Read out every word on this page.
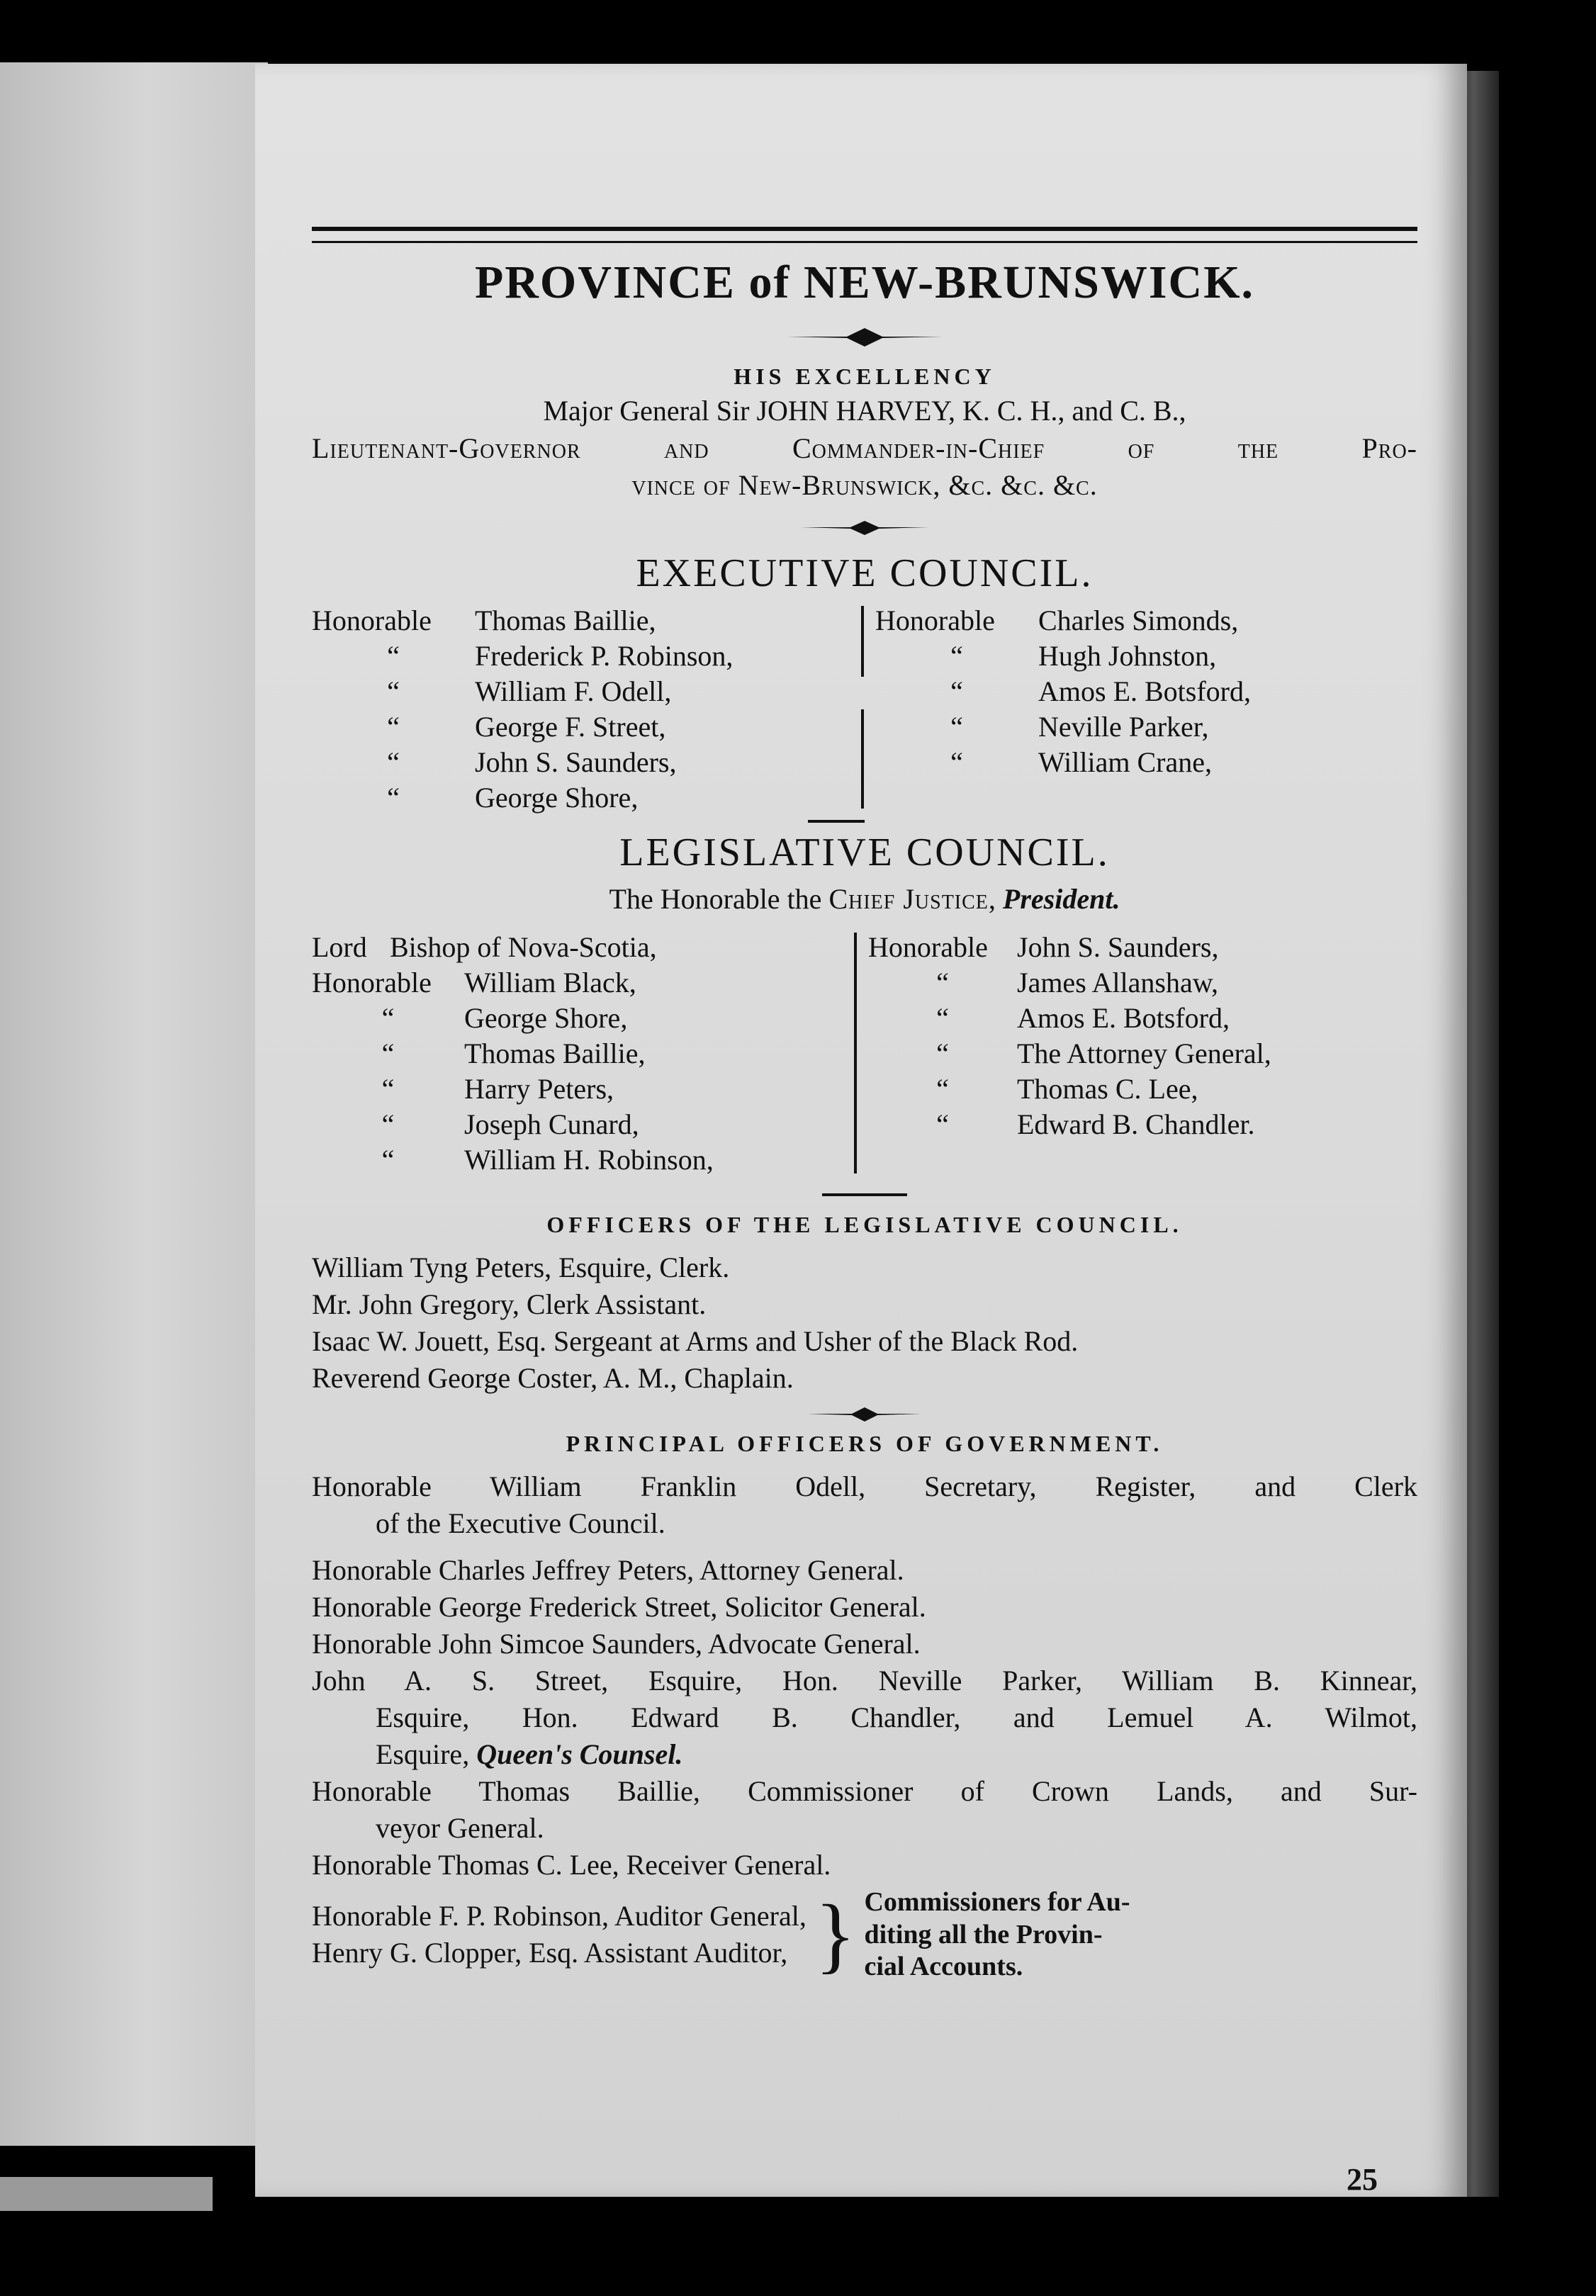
PROVINCE of NEW-BRUNSWICK.
HIS EXCELLENCY
Major General Sir JOHN HARVEY, K. C. H., and C. B.,

Lieutenant-Governor and Commander-in-Chief of the Pro-

vince of New-Brunswick, &c. &c. &c.

EXECUTIVE COUNCIL.
Honorable	Thomas Baillie,
“	Frederick P. Robinson,
“	William F. Odell,
“	George F. Street,
“	John S. Saunders,
“	George Shore,
Honorable	Charles Simonds,
“	Hugh Johnston,
“	Amos E. Botsford,
“	Neville Parker,
“	William Crane,
LEGISLATIVE COUNCIL.
The Honorable the Chief Justice, President.
Lord Bishop of Nova-Scotia,
Honorable	William Black,
“	George Shore,
“	Thomas Baillie,
“	Harry Peters,
“	Joseph Cunard,
“	William H. Robinson,
Honorable	John S. Saunders,
“	James Allanshaw,
“	Amos E. Botsford,
“	The Attorney General,
“	Thomas C. Lee,
“	Edward B. Chandler.
OFFICERS OF THE LEGISLATIVE COUNCIL.

William Tyng Peters, Esquire, Clerk.

Mr. John Gregory, Clerk Assistant.

Isaac W. Jouett, Esq. Sergeant at Arms and Usher of the Black Rod.

Reverend George Coster, A. M., Chaplain.

PRINCIPAL OFFICERS OF GOVERNMENT.

Honorable William Franklin Odell, Secretary, Register, and Clerk

of the Executive Council.

Honorable Charles Jeffrey Peters, Attorney General.

Honorable George Frederick Street, Solicitor General.

Honorable John Simcoe Saunders, Advocate General.

John A. S. Street, Esquire, Hon. Neville Parker, William B. Kinnear,

Esquire, Hon. Edward B. Chandler, and Lemuel A. Wilmot,

Esquire, Queen's Counsel.

Honorable Thomas Baillie, Commissioner of Crown Lands, and Sur-

veyor General.

Honorable Thomas C. Lee, Receiver General.

Honorable F. P. Robinson, Auditor General,
Henry G. Clopper, Esq. Assistant Auditor, } Commissioners for Au-
diting all the Provin-
cial Accounts.
25
